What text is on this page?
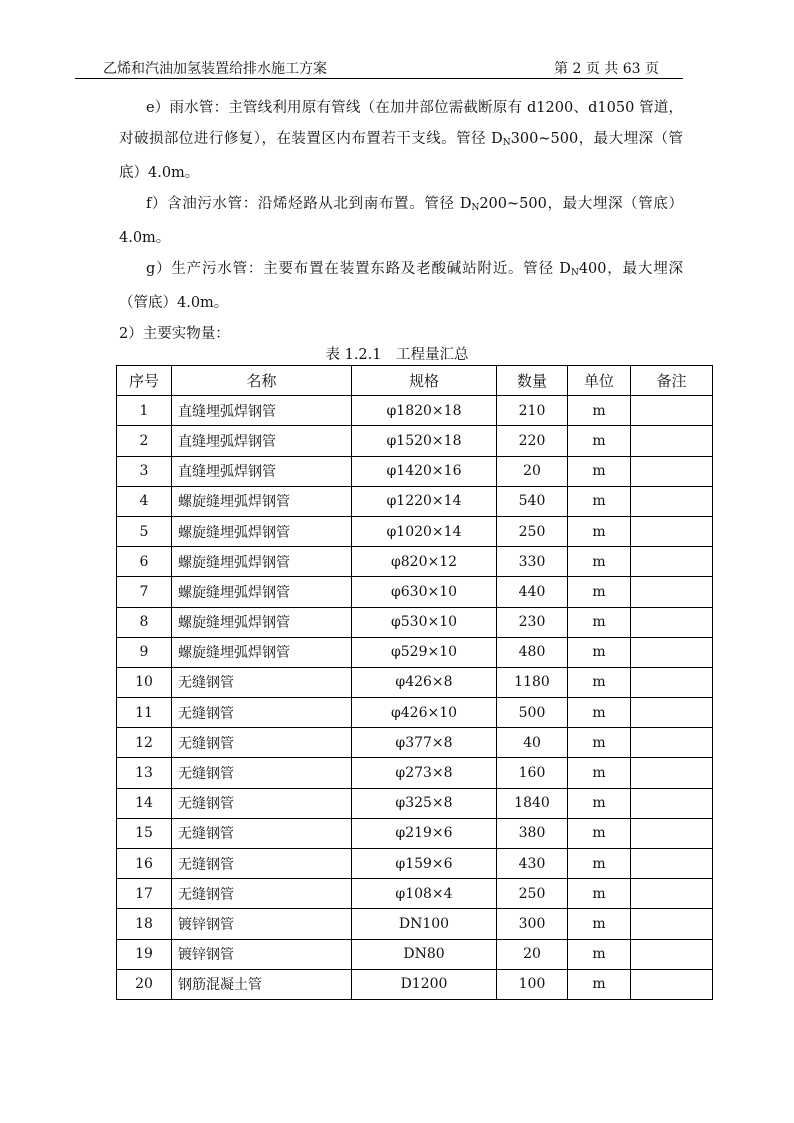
乙烯和汽油加氢装置给排水施工方案	第 2 页 共 63 页

e）雨水管：主管线利用原有管线（在加井部位需截断原有 d1200、d1050 管道，对破损部位进行修复），在装置区内布置若干支线。管径 $D_N300\sim 500$，最大埋深（管底）4.0m。

f）含油污水管：沿烯烃路从北到南布置。管径 $D_N200\sim 500$，最大埋深（管底）4.0m。

g）生产污水管：主要布置在装置东路及老酸碱站附近。管径 $D_N400$，最大埋深（管底）4.0m。

2）主要实物量：

表 1.2.1　工程量汇总
序号	名称	规格	数量	单位	备注
1	直缝埋弧焊钢管	φ1820×18	210	m	
2	直缝埋弧焊钢管	φ1520×18	220	m	
3	直缝埋弧焊钢管	φ1420×16	20	m	
4	螺旋缝埋弧焊钢管	φ1220×14	540	m	
5	螺旋缝埋弧焊钢管	φ1020×14	250	m	
6	螺旋缝埋弧焊钢管	φ820×12	330	m	
7	螺旋缝埋弧焊钢管	φ630×10	440	m	
8	螺旋缝埋弧焊钢管	φ530×10	230	m	
9	螺旋缝埋弧焊钢管	φ529×10	480	m	
10	无缝钢管	φ426×8	1180	m	
11	无缝钢管	φ426×10	500	m	
12	无缝钢管	φ377×8	40	m	
13	无缝钢管	φ273×8	160	m	
14	无缝钢管	φ325×8	1840	m	
15	无缝钢管	φ219×6	380	m	
16	无缝钢管	φ159×6	430	m	
17	无缝钢管	φ108×4	250	m	
18	镀锌钢管	DN100	300	m	
19	镀锌钢管	DN80	20	m	
20	钢筋混凝土管	D1200	100	m	
